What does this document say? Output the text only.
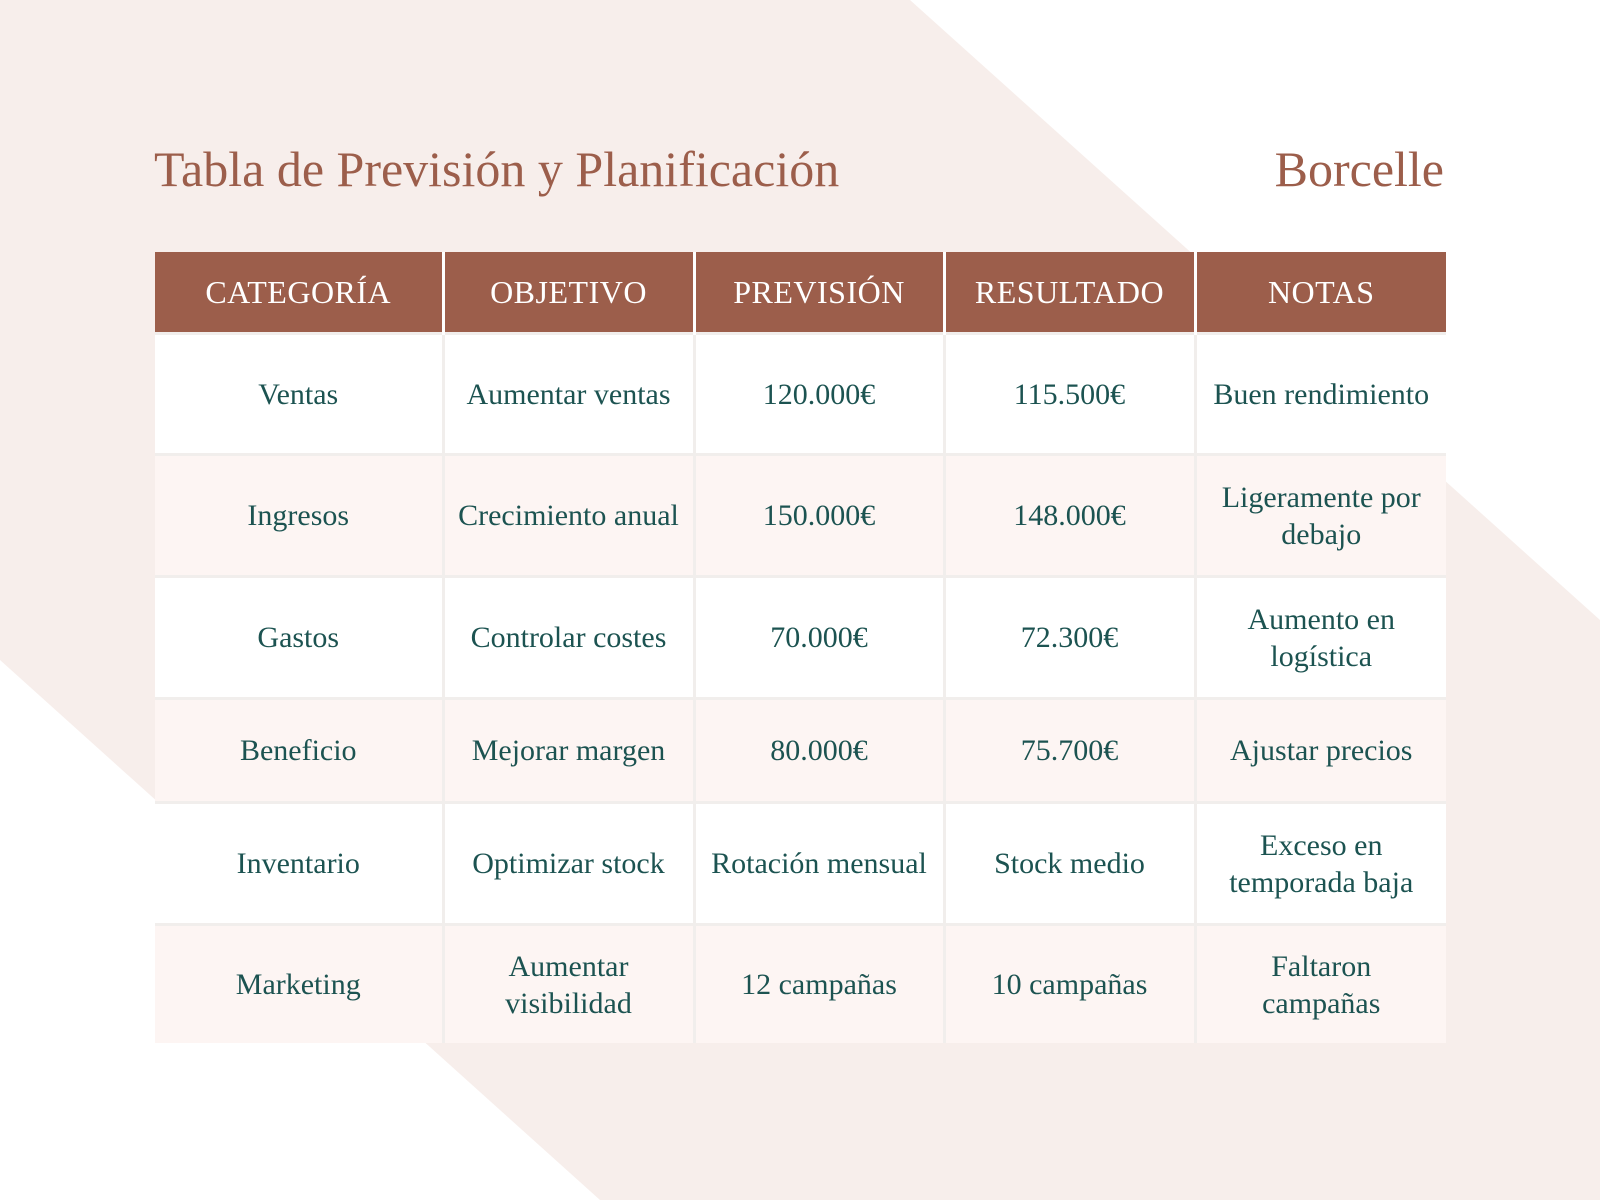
Tabla de Previsión y Planificación	Borcelle
CATEGORÍA	OBJETIVO	PREVISIÓN	RESULTADO	NOTAS
Ventas	Aumentar ventas	120.000€	115.500€	Buen rendimiento
Ingresos	Crecimiento anual	150.000€	148.000€	Ligeramente por debajo
Gastos	Controlar costes	70.000€	72.300€	Aumento en logística
Beneficio	Mejorar margen	80.000€	75.700€	Ajustar precios
Inventario	Optimizar stock	Rotación mensual	Stock medio	Exceso en temporada baja
Marketing	Aumentar visibilidad	12 campañas	10 campañas	Faltaron campañas
